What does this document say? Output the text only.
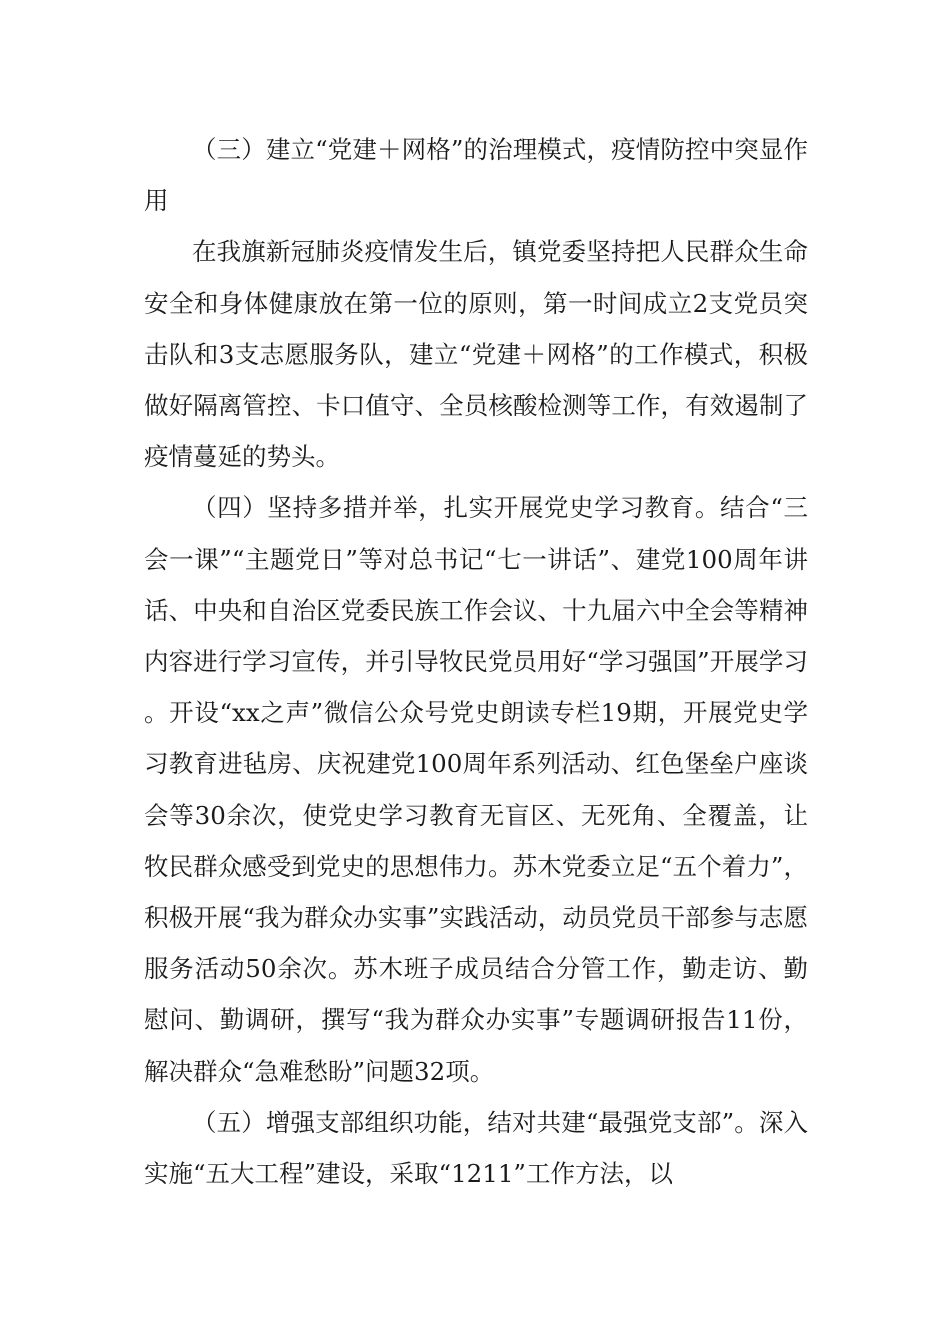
（三）建立“党建＋网格”的治理模式，疫情防控中突显作用

在我旗新冠肺炎疫情发生后，镇党委坚持把人民群众生命安全和身体健康放在第一位的原则，第一时间成立2支党员突击队和3支志愿服务队，建立“党建＋网格”的工作模式，积极做好隔离管控、卡口值守、全员核酸检测等工作，有效遏制了疫情蔓延的势头。

（四）坚持多措并举，扎实开展党史学习教育。结合“三会一课”“主题党日”等对总书记“七一讲话”、建党100周年讲话、中央和自治区党委民族工作会议、十九届六中全会等精神内容进行学习宣传，并引导牧民党员用好“学习强国”开展学习。开设“xx之声”微信公众号党史朗读专栏19期，开展党史学习教育进毡房、庆祝建党100周年系列活动、红色堡垒户座谈会等30余次，使党史学习教育无盲区、无死角、全覆盖，让牧民群众感受到党史的思想伟力。苏木党委立足“五个着力”，积极开展“我为群众办实事”实践活动，动员党员干部参与志愿服务活动50余次。苏木班子成员结合分管工作，勤走访、勤慰问、勤调研，撰写“我为群众办实事”专题调研报告11份，解决群众“急难愁盼”问题32项。

（五）增强支部组织功能，结对共建“最强党支部”。深入实施“五大工程”建设，采取“1211”工作方法，以
